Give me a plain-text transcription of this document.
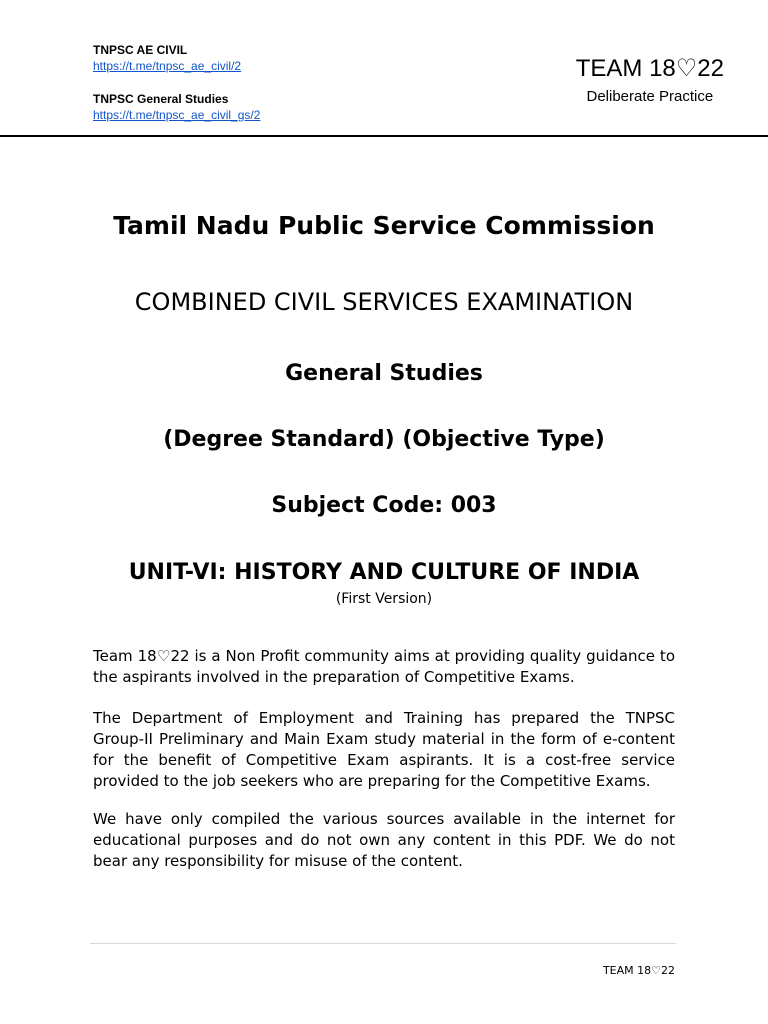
TNPSC AE CIVIL
https://t.me/tnpsc_ae_civil/2
TNPSC General Studies
https://t.me/tnpsc_ae_civil_gs/2
TEAM 18♡22
Deliberate Practice
Tamil Nadu Public Service Commission
COMBINED CIVIL SERVICES EXAMINATION
General Studies
(Degree Standard) (Objective Type)
Subject Code: 003
UNIT-VI: HISTORY AND CULTURE OF INDIA
(First Version)

Team 18♡22 is a Non Profit community aims at providing quality guidance to the aspirants involved in the preparation of Competitive Exams.

The Department of Employment and Training has prepared the TNPSC Group-II Preliminary and Main Exam study material in the form of e-content for the benefit of Competitive Exam aspirants. It is a cost-free service provided to the job seekers who are preparing for the Competitive Exams.

We have only compiled the various sources available in the internet for educational purposes and do not own any content in this PDF. We do not bear any responsibility for misuse of the content.

TEAM 18♡22
